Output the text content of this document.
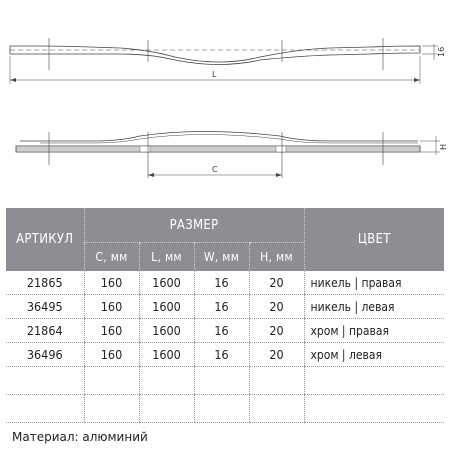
L
16
C
H
АРТИКУЛ	РАЗМЕР				ЦВЕТ
	C, мм	L, мм	W, мм	H, мм	
21865	160	1600	16	20	никель | правая
36495	160	1600	16	20	никель | левая
21864	160	1600	16	20	хром | правая
36496	160	1600	16	20	хром | левая

Материал: алюминий
